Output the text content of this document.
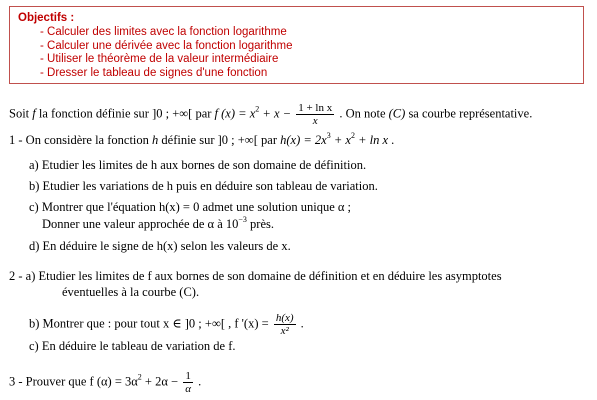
Objectifs :
- Calculer des limites avec la fonction logarithme
- Calculer une dérivée avec la fonction logarithme
- Utiliser le théorème de la valeur intermédiaire
- Dresser le tableau de signes d'une fonction
Soit f la fonction définie sur ]0 ; +∞[ par f $(x) = x^2 + x - \frac{\text{1 + ln x}}{x}$ . On note (C) sa courbe représentative.
1 - On considère la fonction h définie sur ]0 ; +∞[ par $h(x) = 2x^3 + x^2 + \ln x$ .
a) Etudier les limites de h aux bornes de son domaine de définition.
b) Etudier les variations de h puis en déduire son tableau de variation.
c) Montrer que l'équation h(x) = 0 admet une solution unique α ;
Donner une valeur approchée de α à $10^{-3}$ près.
d) En déduire le signe de h(x) selon les valeurs de x.
2 - a) Etudier les limites de f aux bornes de son domaine de définition et en déduire les asymptotes
éventuelles à la courbe (C).
b) Montrer que : pour tout x ∈ ]0 ; +∞[ , f '$(x) = \frac{h(x)}{\text{x²}}$ .
c) En déduire le tableau de variation de f.
3 - Prouver que f $(\alpha) = 3\alpha^2 + 2\alpha - \frac{1}{\alpha}$ .
